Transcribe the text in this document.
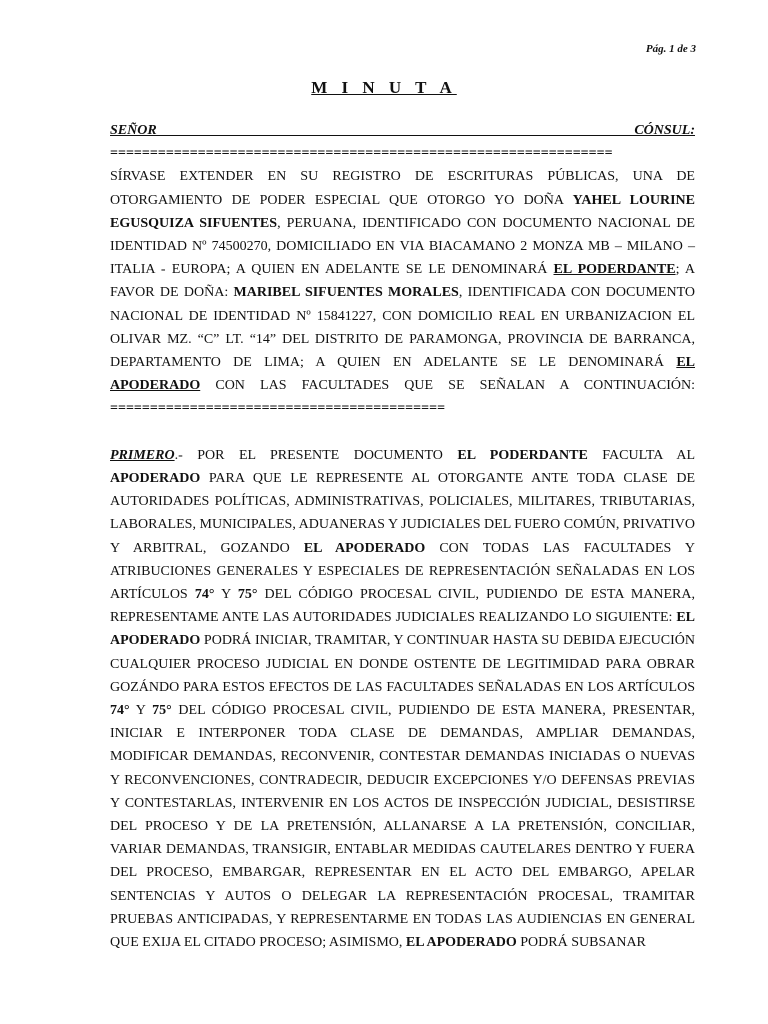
Pág. 1 de 3
M I N U T A

SEÑOR CÓNSUL: ===============================================================

SÍRVASE EXTENDER EN SU REGISTRO DE ESCRITURAS PÚBLICAS, UNA DE OTORGAMIENTO DE PODER ESPECIAL QUE OTORGO YO DOÑA YAHEL LOURINE EGUSQUIZA SIFUENTES, PERUANA, IDENTIFICADO CON DOCUMENTO NACIONAL DE IDENTIDAD Nº 74500270, DOMICILIADO EN VIA BIACAMANO 2 MONZA MB – MILANO – ITALIA - EUROPA; A QUIEN EN ADELANTE SE LE DENOMINARÁ EL PODERDANTE; A FAVOR DE DOÑA: MARIBEL SIFUENTES MORALES, IDENTIFICADA CON DOCUMENTO NACIONAL DE IDENTIDAD Nº 15841227, CON DOMICILIO REAL EN URBANIZACION EL OLIVAR MZ. “C” LT. “14” DEL DISTRITO DE PARAMONGA, PROVINCIA DE BARRANCA, DEPARTAMENTO DE LIMA; A QUIEN EN ADELANTE SE LE DENOMINARÁ EL APODERADO CON LAS FACULTADES QUE SE SEÑALAN A CONTINUACIÓN: ==========================================

PRIMERO.- POR EL PRESENTE DOCUMENTO EL PODERDANTE FACULTA AL APODERADO PARA QUE LE REPRESENTE AL OTORGANTE ANTE TODA CLASE DE AUTORIDADES POLÍTICAS, ADMINISTRATIVAS, POLICIALES, MILITARES, TRIBUTARIAS, LABORALES, MUNICIPALES, ADUANERAS Y JUDICIALES DEL FUERO COMÚN, PRIVATIVO Y ARBITRAL, GOZANDO EL APODERADO CON TODAS LAS FACULTADES Y ATRIBUCIONES GENERALES Y ESPECIALES DE REPRESENTACIÓN SEÑALADAS EN LOS ARTÍCULOS 74° Y 75° DEL CÓDIGO PROCESAL CIVIL, PUDIENDO DE ESTA MANERA, REPRESENTAME ANTE LAS AUTORIDADES JUDICIALES REALIZANDO LO SIGUIENTE: EL APODERADO PODRÁ INICIAR, TRAMITAR, Y CONTINUAR HASTA SU DEBIDA EJECUCIÓN CUALQUIER PROCESO JUDICIAL EN DONDE OSTENTE DE LEGITIMIDAD PARA OBRAR GOZÁNDO PARA ESTOS EFECTOS DE LAS FACULTADES SEÑALADAS EN LOS ARTÍCULOS 74° Y 75° DEL CÓDIGO PROCESAL CIVIL, PUDIENDO DE ESTA MANERA, PRESENTAR, INICIAR E INTERPONER TODA CLASE DE DEMANDAS, AMPLIAR DEMANDAS, MODIFICAR DEMANDAS, RECONVENIR, CONTESTAR DEMANDAS INICIADAS O NUEVAS Y RECONVENCIONES, CONTRADECIR, DEDUCIR EXCEPCIONES Y/O DEFENSAS PREVIAS Y CONTESTARLAS, INTERVENIR EN LOS ACTOS DE INSPECCIÓN JUDICIAL, DESISTIRSE DEL PROCESO Y DE LA PRETENSIÓN, ALLANARSE A LA PRETENSIÓN, CONCILIAR, VARIAR DEMANDAS, TRANSIGIR, ENTABLAR MEDIDAS CAUTELARES DENTRO Y FUERA DEL PROCESO, EMBARGAR, REPRESENTAR EN EL ACTO DEL EMBARGO, APELAR SENTENCIAS Y AUTOS O DELEGAR LA REPRESENTACIÓN PROCESAL, TRAMITAR PRUEBAS ANTICIPADAS, Y REPRESENTARME EN TODAS LAS AUDIENCIAS EN GENERAL QUE EXIJA EL CITADO PROCESO; ASIMISMO, EL APODERADO PODRÁ SUBSANAR
